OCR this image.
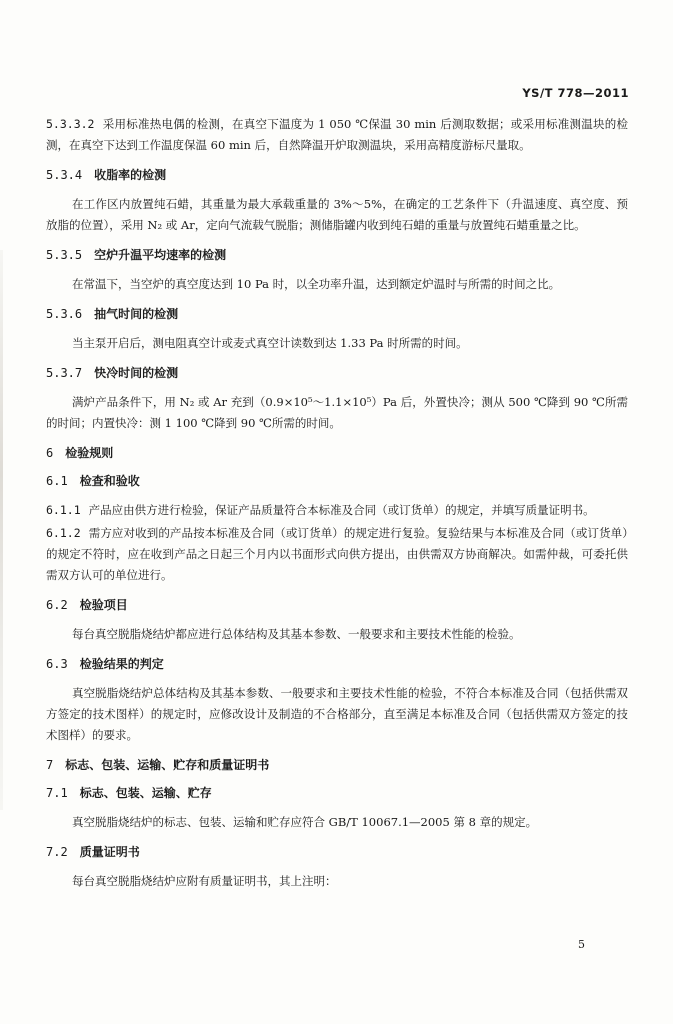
YS/T 778—2011
5.3.3.2 采用标准热电偶的检测，在真空下温度为 1 050 ℃保温 30 min 后测取数据；或采用标准测温块的检测，在真空下达到工作温度保温 60 min 后，自然降温开炉取测温块，采用高精度游标尺量取。
5.3.4 收脂率的检测
在工作区内放置纯石蜡，其重量为最大承载重量的 3%～5%，在确定的工艺条件下（升温速度、真空度、预放脂的位置），采用 N₂ 或 Ar，定向气流载气脱脂；测储脂罐内收到纯石蜡的重量与放置纯石蜡重量之比。
5.3.5 空炉升温平均速率的检测
在常温下，当空炉的真空度达到 10 Pa 时，以全功率升温，达到额定炉温时与所需的时间之比。
5.3.6 抽气时间的检测
当主泵开启后，测电阻真空计或麦式真空计读数到达 1.33 Pa 时所需的时间。
5.3.7 快冷时间的检测
满炉产品条件下，用 N₂ 或 Ar 充到（0.9×10⁵～1.1×10⁵）Pa 后，外置快冷；测从 500 ℃降到 90 ℃所需的时间；内置快冷：测 1 100 ℃降到 90 ℃所需的时间。
6 检验规则
6.1 检查和验收
6.1.1 产品应由供方进行检验，保证产品质量符合本标准及合同（或订货单）的规定，并填写质量证明书。
6.1.2 需方应对收到的产品按本标准及合同（或订货单）的规定进行复验。复验结果与本标准及合同（或订货单）的规定不符时，应在收到产品之日起三个月内以书面形式向供方提出，由供需双方协商解决。如需仲裁，可委托供需双方认可的单位进行。
6.2 检验项目
每台真空脱脂烧结炉都应进行总体结构及其基本参数、一般要求和主要技术性能的检验。
6.3 检验结果的判定
真空脱脂烧结炉总体结构及其基本参数、一般要求和主要技术性能的检验，不符合本标准及合同（包括供需双方签定的技术图样）的规定时，应修改设计及制造的不合格部分，直至满足本标准及合同（包括供需双方签定的技术图样）的要求。
7 标志、包装、运输、贮存和质量证明书
7.1 标志、包装、运输、贮存
真空脱脂烧结炉的标志、包装、运输和贮存应符合 GB/T 10067.1—2005 第 8 章的规定。
7.2 质量证明书
每台真空脱脂烧结炉应附有质量证明书，其上注明：
5
